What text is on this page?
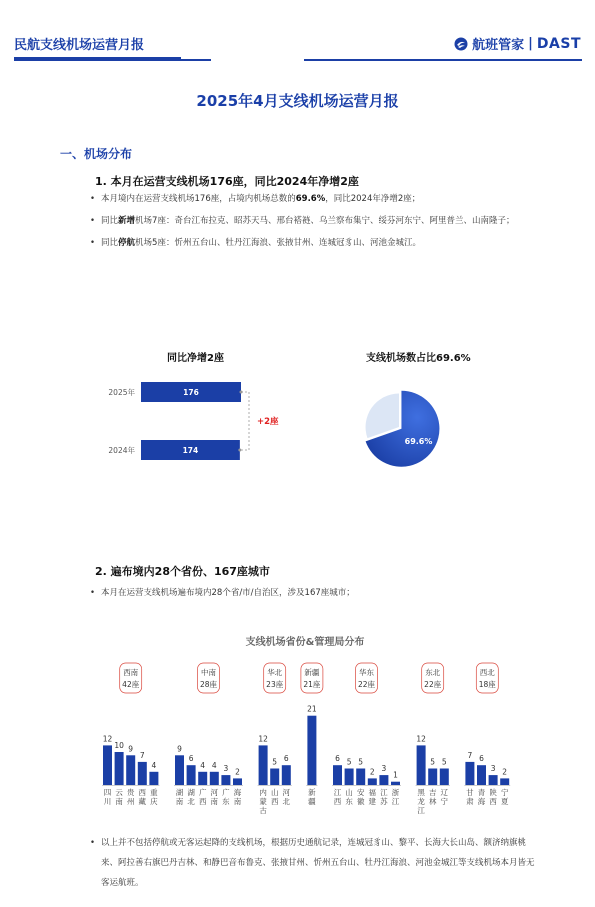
民航支线机场运营月报	航班管家 | DAST
2025年4月支线机场运营月报
一、机场分布
1. 本月在运营支线机场176座，同比2024年净增2座
• 本月境内在运营支线机场176座，占境内机场总数的69.6%，同比2024年净增2座；
• 同比新增机场7座：奇台江布拉克、昭苏天马、邢台褡裢、乌兰察布集宁、绥芬河东宁、阿里普兰、山南隆子；
• 同比停航机场5座：忻州五台山、牡丹江海浪、张掖甘州、连城冠豸山、河池金城江。
同比净增2座
2025年	176
2024年	174
+2座
支线机场数占比69.6%
69.6%
2. 遍布境内28个省份、167座城市
• 本月在运营支线机场遍布境内28个省/市/自治区，涉及167座城市；
支线机场省份&管理局分布
12
四川
10
云南
9
贵州
7
西藏
4
重庆
西南
42座
9
湖南
6
湖北
4
广西
4
河南
3
广东
2
海南
中南
28座
12
内蒙古
5
山西
6
河北
华北
23座
21
新疆
新疆
21座
6
江西
5
山东
5
安徽
2
福建
3
江苏
1
浙江
华东
22座
12
黑龙江
5
吉林
5
辽宁
东北
22座
7
甘肃
6
青海
3
陕西
2
宁夏
西北
18座
• 以上并不包括停航或无客运起降的支线机场，根据历史通航记录，连城冠豸山、黎平、长海大长山岛、额济纳旗桃来、阿拉善右旗巴丹吉林、和静巴音布鲁克、张掖甘州、忻州五台山、牡丹江海浪、河池金城江等支线机场本月皆无客运航班。
